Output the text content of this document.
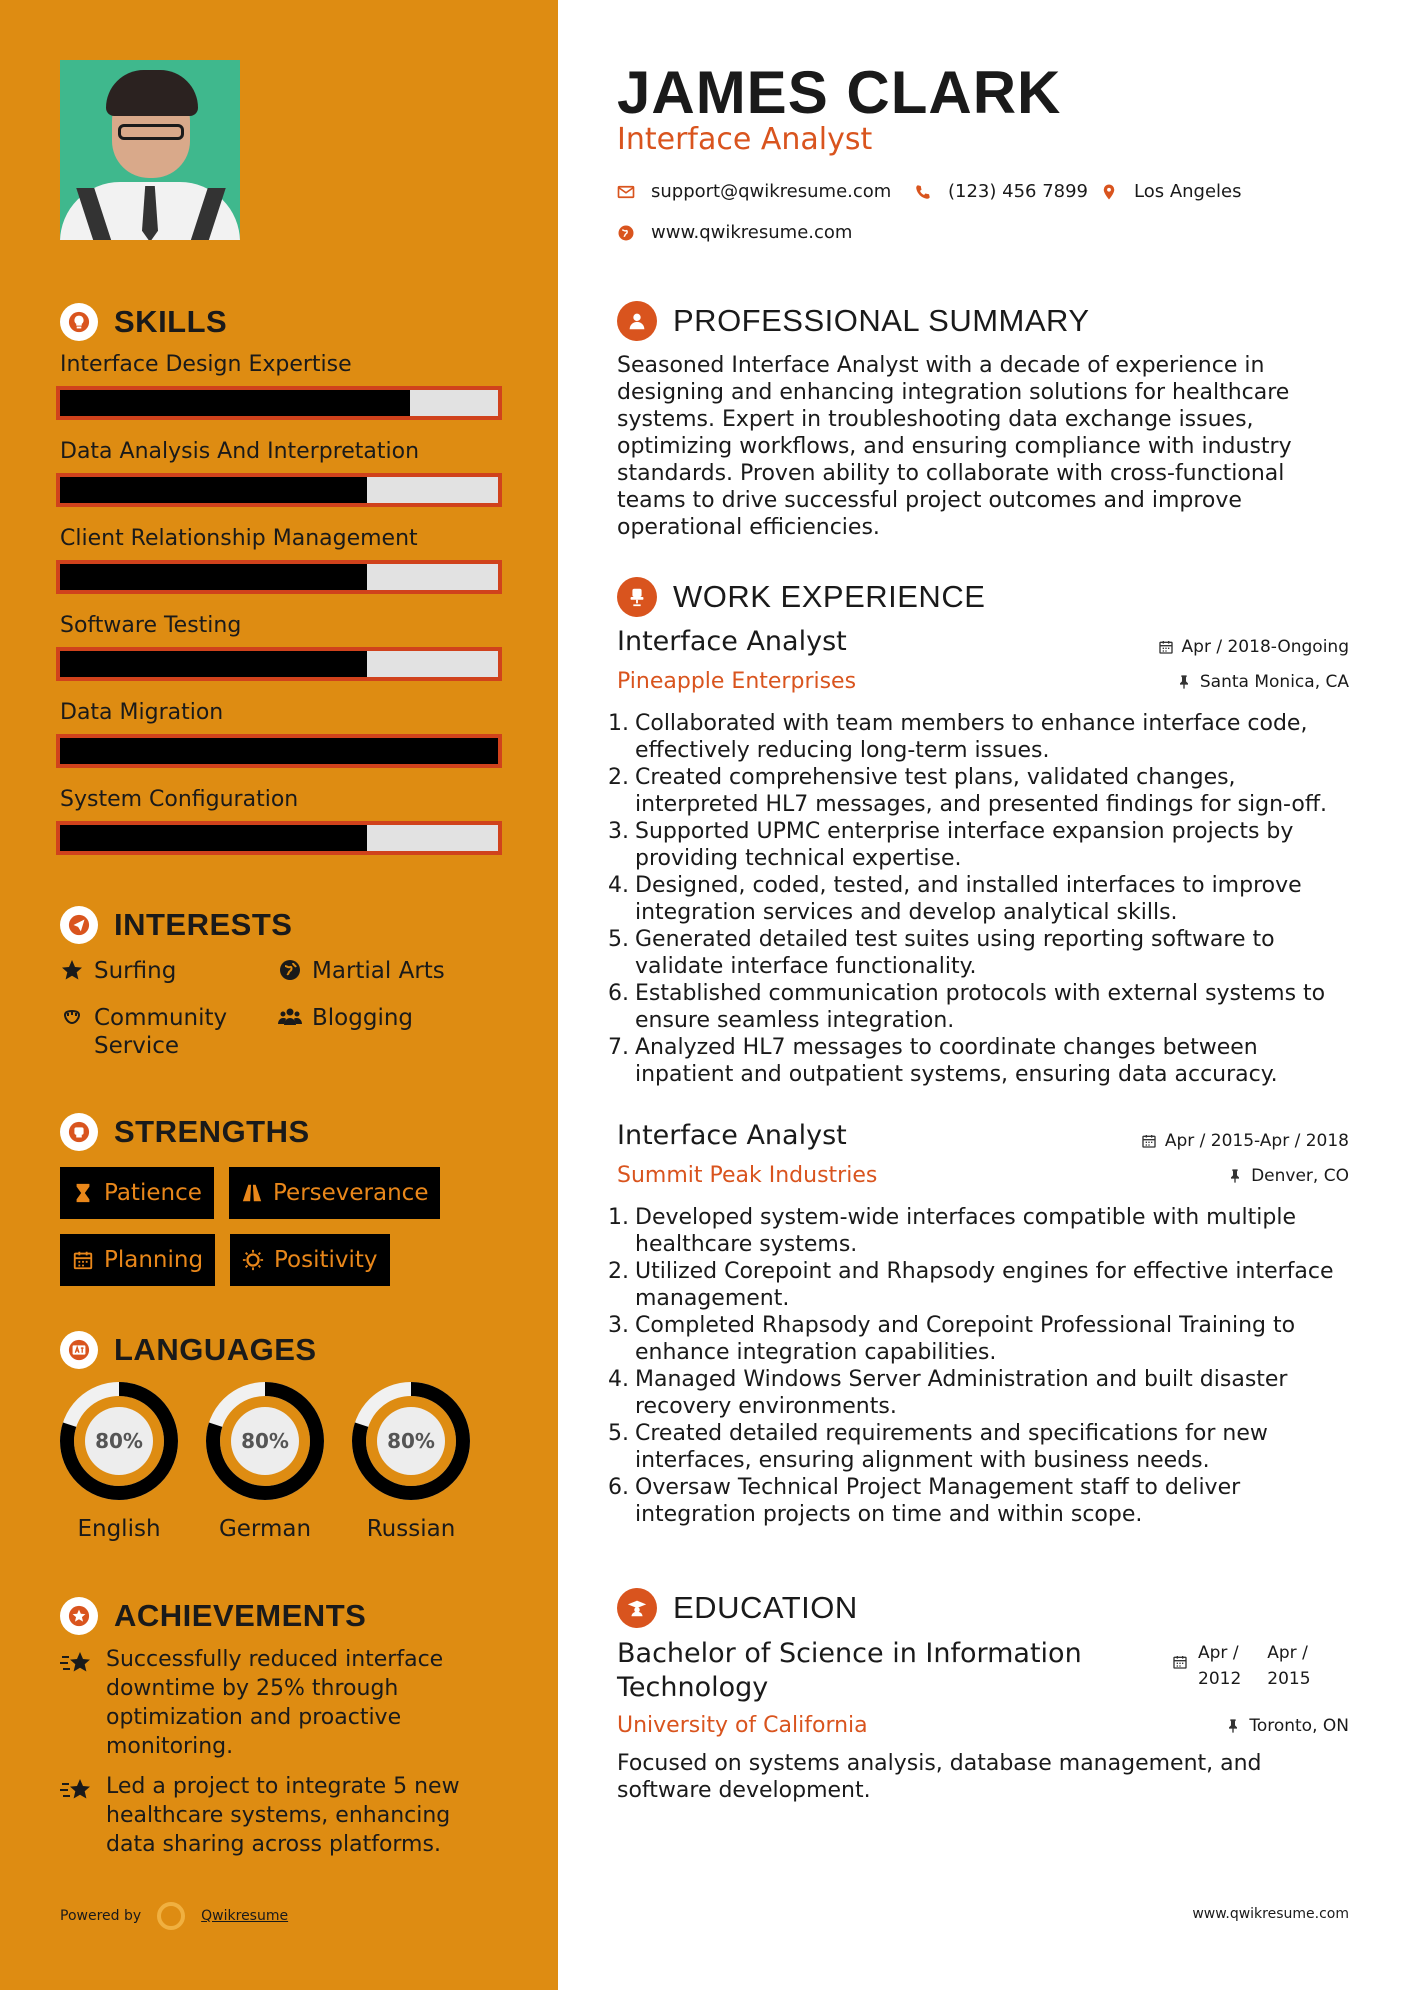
SKILLS
Interface Design Expertise
Data Analysis And Interpretation
Client Relationship Management
Software Testing
Data Migration
System Configuration
INTERESTS
Surfing	Martial Arts
Community Service
Blogging
STRENGTHS
Patience	Perseverance
Planning	Positivity
LANGUAGES
80%	80%	80%
English	German	Russian
ACHIEVEMENTS
Successfully reduced interface downtime by 25% through optimization and proactive monitoring.
Led a project to integrate 5 new healthcare systems, enhancing data sharing across platforms.
Powered by	Qwikresume
JAMES CLARK
Interface Analyst
support@qwikresume.com	(123) 456 7899	Los Angeles
www.qwikresume.com
PROFESSIONAL SUMMARY
Seasoned Interface Analyst with a decade of experience in designing and enhancing integration solutions for healthcare systems. Expert in troubleshooting data exchange issues, optimizing workflows, and ensuring compliance with industry standards. Proven ability to collaborate with cross-functional teams to drive successful project outcomes and improve operational efficiencies.
WORK EXPERIENCE
Interface Analyst
Pineapple Enterprises
Apr / 2018-Ongoing
Santa Monica, CA
1. Collaborated with team members to enhance interface code, effectively reducing long-term issues.
2. Created comprehensive test plans, validated changes, interpreted HL7 messages, and presented findings for sign-off.
3. Supported UPMC enterprise interface expansion projects by providing technical expertise.
4. Designed, coded, tested, and installed interfaces to improve integration services and develop analytical skills.
5. Generated detailed test suites using reporting software to validate interface functionality.
6. Established communication protocols with external systems to ensure seamless integration.
7. Analyzed HL7 messages to coordinate changes between inpatient and outpatient systems, ensuring data accuracy.
Interface Analyst
Summit Peak Industries
Apr / 2015-Apr / 2018
Denver, CO
1. Developed system-wide interfaces compatible with multiple healthcare systems.
2. Utilized Corepoint and Rhapsody engines for effective interface management.
3. Completed Rhapsody and Corepoint Professional Training to enhance integration capabilities.
4. Managed Windows Server Administration and built disaster recovery environments.
5. Created detailed requirements and specifications for new interfaces, ensuring alignment with business needs.
6. Oversaw Technical Project Management staff to deliver integration projects on time and within scope.
EDUCATION
Bachelor of Science in Information
Technology
Apr /
2012
Apr /
2015
University of California	Toronto, ON
Focused on systems analysis, database management, and software development.
www.qwikresume.com
